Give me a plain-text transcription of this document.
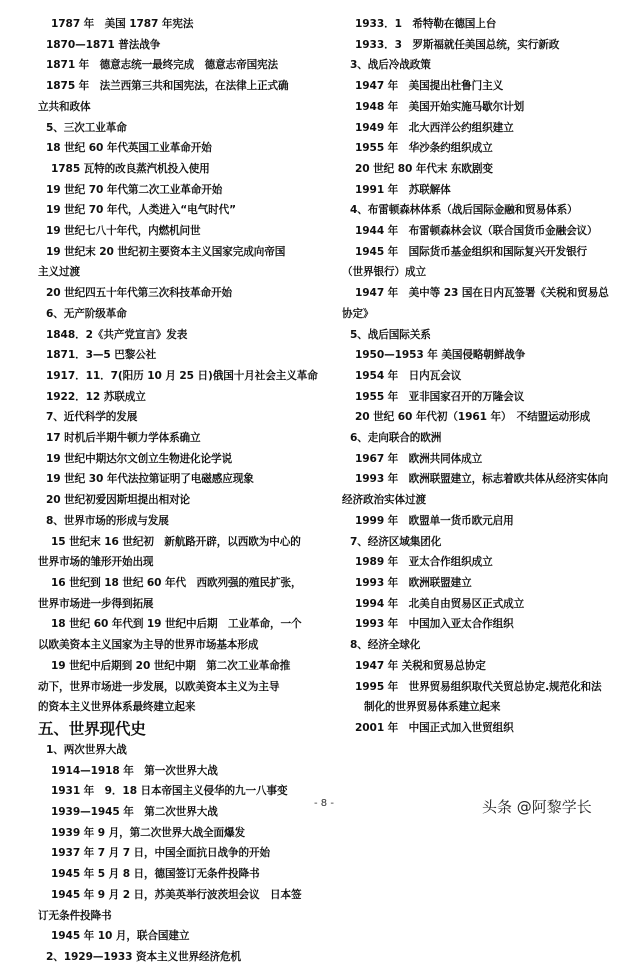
1787 年　美国 1787 年宪法
1870—1871 普法战争
1871 年　德意志统一最终完成　德意志帝国宪法
1875 年　法兰西第三共和国宪法，在法律上正式确
立共和政体
5、三次工业革命
18 世纪 60 年代英国工业革命开始
1785 瓦特的改良蒸汽机投入使用
19 世纪 70 年代第二次工业革命开始
19 世纪 70 年代，人类进入“电气时代”
19 世纪七八十年代，内燃机问世
19 世纪末 20 世纪初主要资本主义国家完成向帝国
主义过渡
20 世纪四五十年代第三次科技革命开始
6、无产阶级革命
1848．2《共产党宣言》发表
1871．3—5 巴黎公社
1917．11．7(阳历 10 月 25 日)俄国十月社会主义革命
1922．12 苏联成立
7、近代科学的发展
17 时机后半期牛顿力学体系确立
19 世纪中期达尔文创立生物进化论学说
19 世纪 30 年代法拉第证明了电磁感应现象
20 世纪初爱因斯坦提出相对论
8、世界市场的形成与发展
15 世纪末 16 世纪初　新航路开辟，以西欧为中心的
世界市场的雏形开始出现
16 世纪到 18 世纪 60 年代　西欧列强的殖民扩张，
世界市场进一步得到拓展
18 世纪 60 年代到 19 世纪中后期　工业革命，一个
以欧美资本主义国家为主导的世界市场基本形成
19 世纪中后期到 20 世纪中期　第二次工业革命推
动下，世界市场进一步发展，以欧美资本主义为主导
的资本主义世界体系最终建立起来
五、世界现代史
1、两次世界大战
1914—1918 年　第一次世界大战
1931 年　9．18 日本帝国主义侵华的九一八事变
1939—1945 年　第二次世界大战
1939 年 9 月，第二次世界大战全面爆发
1937 年 7 月 7 日，中国全面抗日战争的开始
1945 年 5 月 8 日，德国签订无条件投降书
1945 年 9 月 2 日，苏美英举行波茨坦会议　日本签
订无条件投降书
1945 年 10 月，联合国建立
2、1929—1933 资本主义世界经济危机
1933．1　希特勒在德国上台
1933．3　罗斯福就任美国总统，实行新政
3、战后冷战政策
1947 年　美国提出杜鲁门主义
1948 年　美国开始实施马歇尔计划
1949 年　北大西洋公约组织建立
1955 年　华沙条约组织成立
20 世纪 80 年代末 东欧剧变
1991 年　苏联解体
4、布雷顿森林体系（战后国际金融和贸易体系）
1944 年　布雷顿森林会议（联合国货币金融会议）
1945 年　国际货币基金组织和国际复兴开发银行
（世界银行）成立
1947 年　美中等 23 国在日内瓦签署《关税和贸易总
协定》
5、战后国际关系
1950—1953 年 美国侵略朝鲜战争
1954 年　日内瓦会议
1955 年　亚非国家召开的万隆会议
20 世纪 60 年代初（1961 年）　不结盟运动形成
6、走向联合的欧洲
1967 年　欧洲共同体成立
1993 年　欧洲联盟建立，标志着欧共体从经济实体向
经济政治实体过渡
1999 年　欧盟单一货币欧元启用
7、经济区域集团化
1989 年　亚太合作组织成立
1993 年　欧洲联盟建立
1994 年　北美自由贸易区正式成立
1993 年　中国加入亚太合作组织
8、经济全球化
1947 年 关税和贸易总协定
1995 年　世界贸易组织取代关贸总协定.规范化和法
制化的世界贸易体系建立起来
2001 年　中国正式加入世贸组织
- 8 -	头条 @阿黎学长
